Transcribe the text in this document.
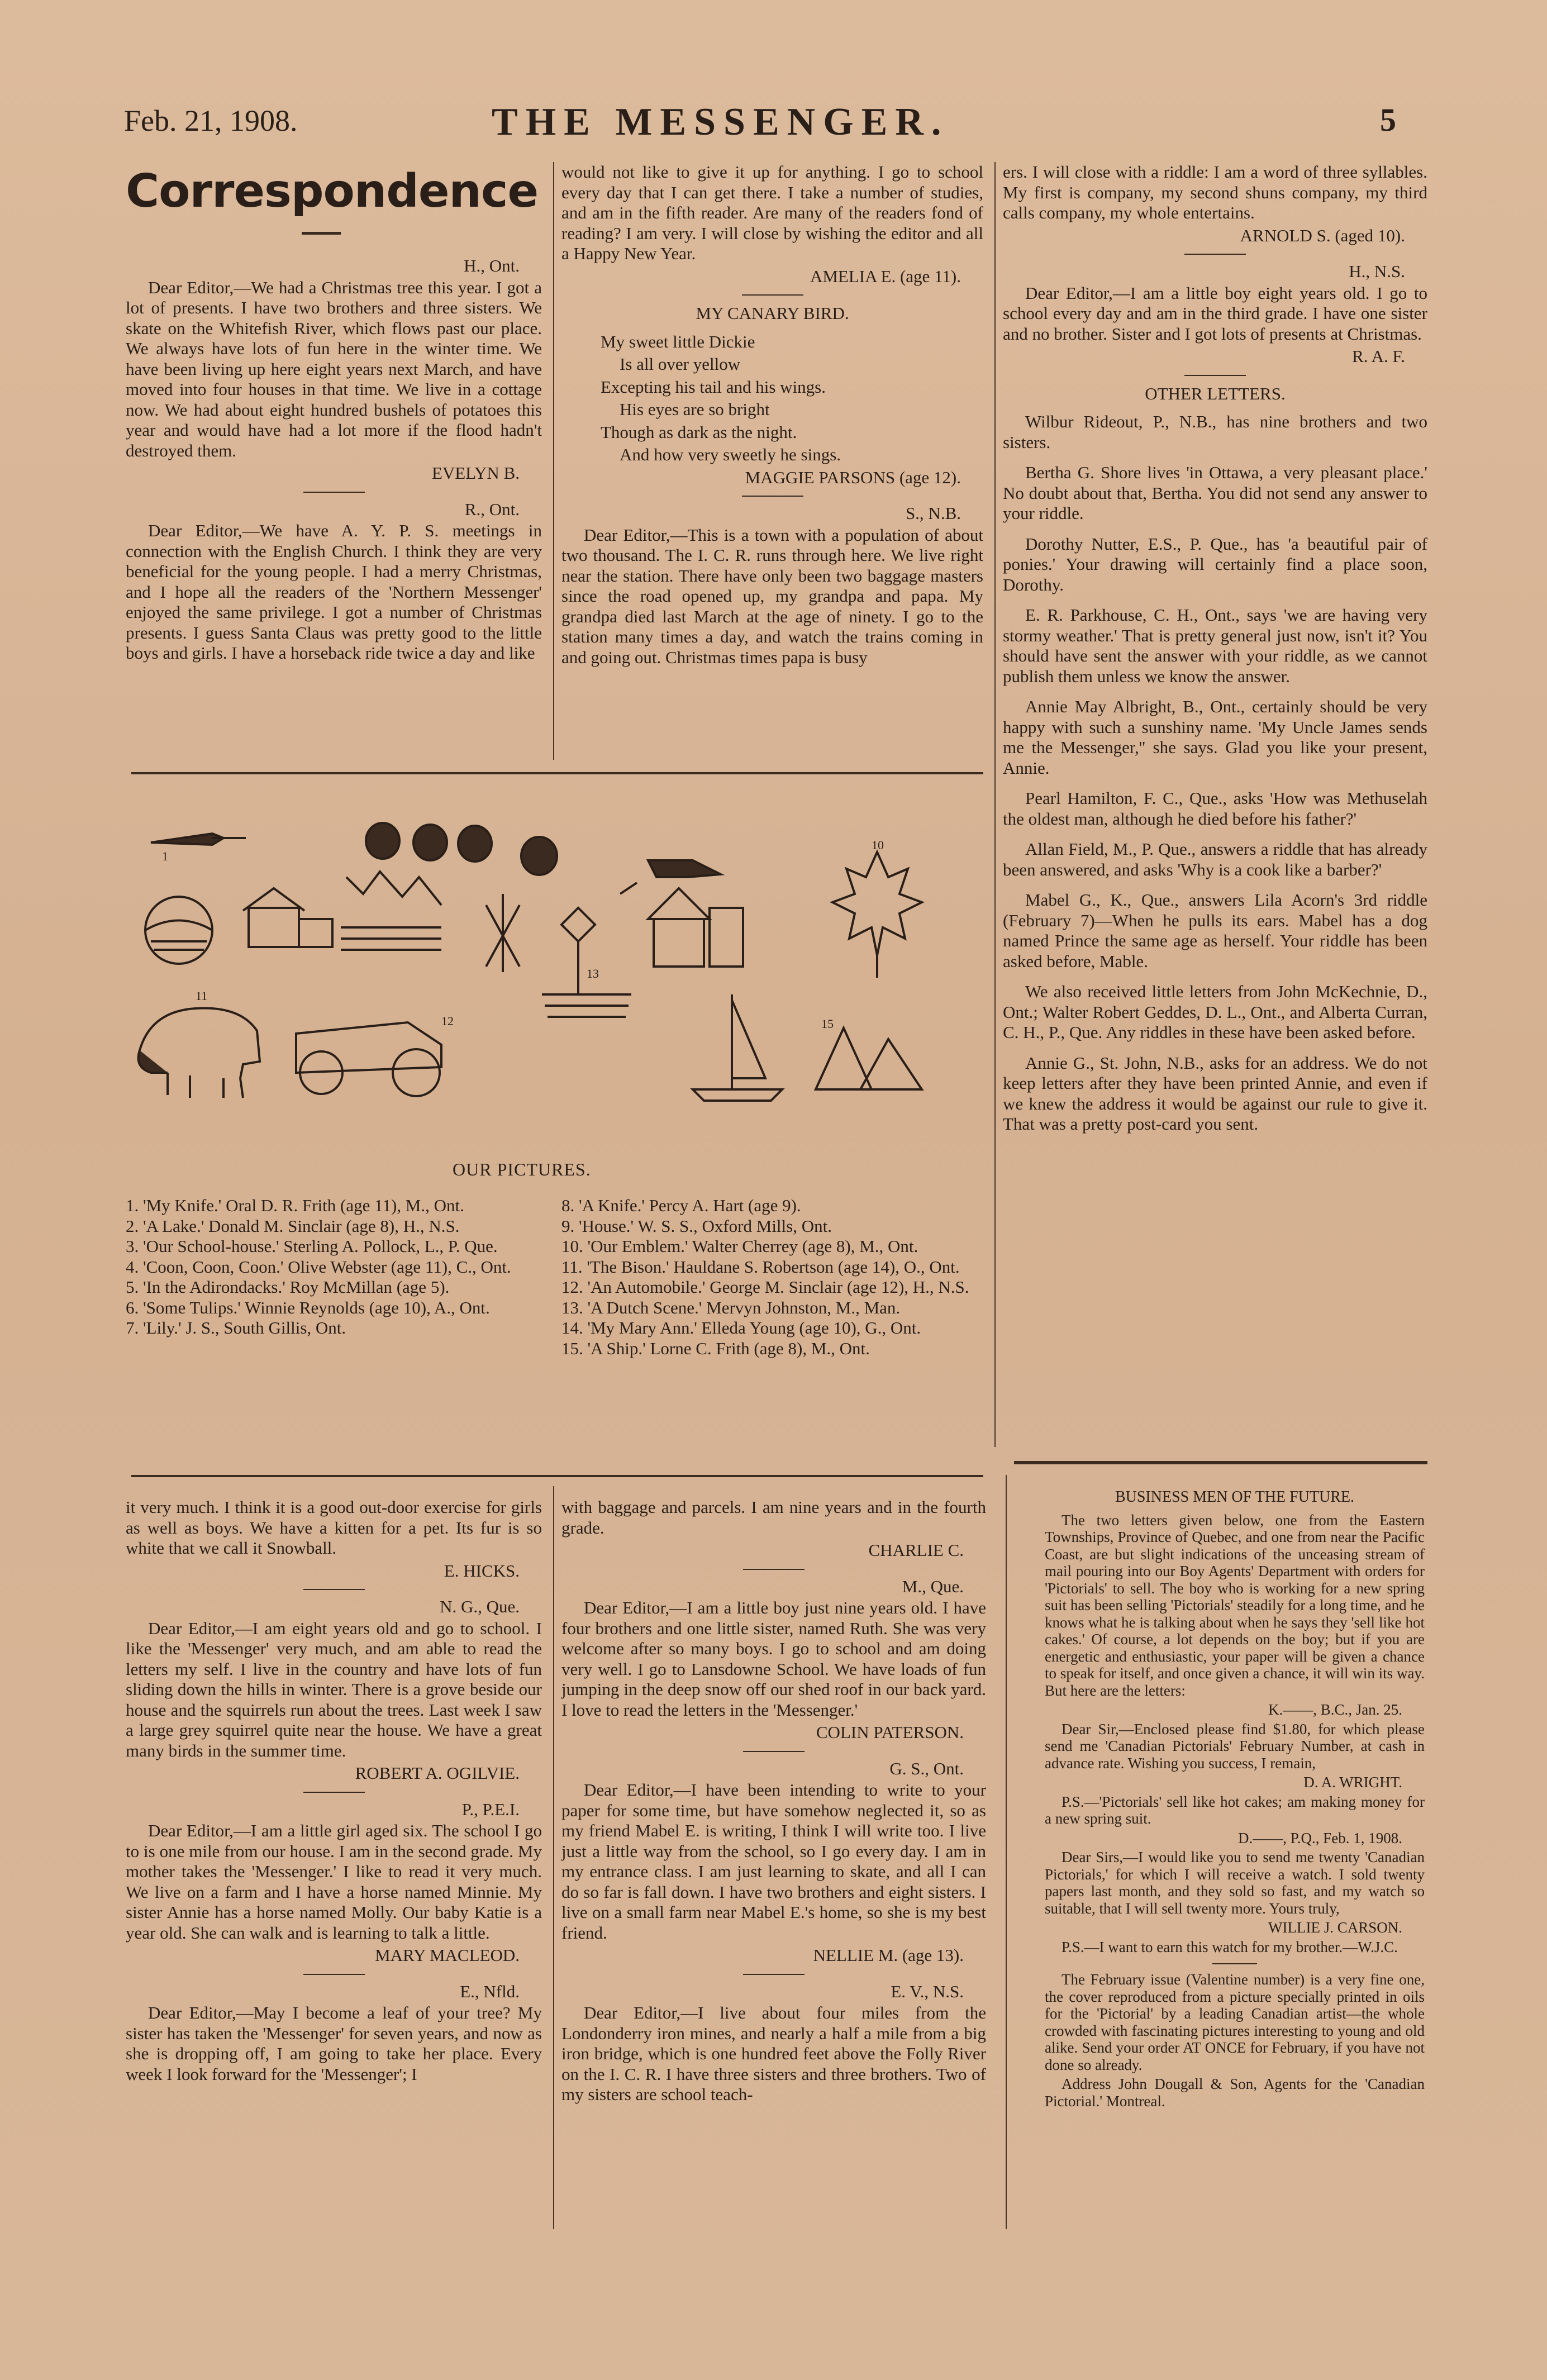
Feb. 21, 1908.	THE MESSENGER.	5
Correspondence

H., Ont.

Dear Editor,—We had a Christmas tree this year. I got a lot of presents. I have two brothers and three sisters. We skate on the Whitefish River, which flows past our place. We always have lots of fun here in the winter time. We have been living up here eight years next March, and have moved into four houses in that time. We live in a cottage now. We had about eight hundred bushels of potatoes this year and would have had a lot more if the flood hadn't destroyed them.

EVELYN B.

R., Ont.

Dear Editor,—We have A. Y. P. S. meetings in connection with the English Church. I think they are very beneficial for the young people. I had a merry Christmas, and I hope all the readers of the 'Northern Messenger' enjoyed the same privilege. I got a number of Christmas presents. I guess Santa Claus was pretty good to the little boys and girls. I have a horseback ride twice a day and like

would not like to give it up for anything. I go to school every day that I can get there. I take a number of studies, and am in the fifth reader. Are many of the readers fond of reading? I am very. I will close by wishing the editor and all a Happy New Year.

AMELIA E. (age 11).

MY CANARY BIRD.

My sweet little Dickie

Is all over yellow

Excepting his tail and his wings.

His eyes are so bright

Though as dark as the night.

And how very sweetly he sings.

MAGGIE PARSONS (age 12).

S., N.B.

Dear Editor,—This is a town with a population of about two thousand. The I. C. R. runs through here. We live right near the station. There have only been two baggage masters since the road opened up, my grandpa and papa. My grandpa died last March at the age of ninety. I go to the station many times a day, and watch the trains coming in and going out. Christmas times papa is busy

ers. I will close with a riddle: I am a word of three syllables. My first is company, my second shuns company, my third calls company, my whole entertains.

ARNOLD S. (aged 10).

H., N.S.

Dear Editor,—I am a little boy eight years old. I go to school every day and am in the third grade. I have one sister and no brother. Sister and I got lots of presents at Christmas.

R. A. F.

OTHER LETTERS.

Wilbur Rideout, P., N.B., has nine brothers and two sisters.

Bertha G. Shore lives 'in Ottawa, a very pleasant place.' No doubt about that, Bertha. You did not send any answer to your riddle.

Dorothy Nutter, E.S., P. Que., has 'a beautiful pair of ponies.' Your drawing will certainly find a place soon, Dorothy.

E. R. Parkhouse, C. H., Ont., says 'we are having very stormy weather.' That is pretty general just now, isn't it? You should have sent the answer with your riddle, as we cannot publish them unless we know the answer.

Annie May Albright, B., Ont., certainly should be very happy with such a sunshiny name. 'My Uncle James sends me the Messenger,'' she says. Glad you like your present, Annie.

Pearl Hamilton, F. C., Que., asks 'How was Methuselah the oldest man, although he died before his father?'

Allan Field, M., P. Que., answers a riddle that has already been answered, and asks 'Why is a cook like a barber?'

Mabel G., K., Que., answers Lila Acorn's 3rd riddle (February 7)—When he pulls its ears. Mabel has a dog named Prince the same age as herself. Your riddle has been asked before, Mable.

We also received little letters from John McKechnie, D., Ont.; Walter Robert Geddes, D. L., Ont., and Alberta Curran, C. H., P., Que. Any riddles in these have been asked before.

Annie G., St. John, N.B., asks for an address. We do not keep letters after they have been printed Annie, and even if we knew the address it would be against our rule to give it. That was a pretty post-card you sent.

1
10
11
12
13
15
OUR PICTURES.
1. 'My Knife.' Oral D. R. Frith (age 11), M., Ont.
2. 'A Lake.' Donald M. Sinclair (age 8), H., N.S.
3. 'Our School-house.' Sterling A. Pollock, L., P. Que.
4. 'Coon, Coon, Coon.' Olive Webster (age 11), C., Ont.
5. 'In the Adirondacks.' Roy McMillan (age 5).
6. 'Some Tulips.' Winnie Reynolds (age 10), A., Ont.
7. 'Lily.' J. S., South Gillis, Ont.
8. 'A Knife.' Percy A. Hart (age 9).
9. 'House.' W. S. S., Oxford Mills, Ont.
10. 'Our Emblem.' Walter Cherrey (age 8), M., Ont.
11. 'The Bison.' Hauldane S. Robertson (age 14), O., Ont.
12. 'An Automobile.' George M. Sinclair (age 12), H., N.S.
13. 'A Dutch Scene.' Mervyn Johnston, M., Man.
14. 'My Mary Ann.' Elleda Young (age 10), G., Ont.
15. 'A Ship.' Lorne C. Frith (age 8), M., Ont.

it very much. I think it is a good out-door exercise for girls as well as boys. We have a kitten for a pet. Its fur is so white that we call it Snowball.

E. HICKS.

N. G., Que.

Dear Editor,—I am eight years old and go to school. I like the 'Messenger' very much, and am able to read the letters my self. I live in the country and have lots of fun sliding down the hills in winter. There is a grove beside our house and the squirrels run about the trees. Last week I saw a large grey squirrel quite near the house. We have a great many birds in the summer time.

ROBERT A. OGILVIE.

P., P.E.I.

Dear Editor,—I am a little girl aged six. The school I go to is one mile from our house. I am in the second grade. My mother takes the 'Messenger.' I like to read it very much. We live on a farm and I have a horse named Minnie. My sister Annie has a horse named Molly. Our baby Katie is a year old. She can walk and is learning to talk a little.

MARY MACLEOD.

E., Nfld.

Dear Editor,—May I become a leaf of your tree? My sister has taken the 'Messenger' for seven years, and now as she is dropping off, I am going to take her place. Every week I look forward for the 'Messenger'; I

with baggage and parcels. I am nine years and in the fourth grade.

CHARLIE C.

M., Que.

Dear Editor,—I am a little boy just nine years old. I have four brothers and one little sister, named Ruth. She was very welcome after so many boys. I go to school and am doing very well. I go to Lansdowne School. We have loads of fun jumping in the deep snow off our shed roof in our back yard. I love to read the letters in the 'Messenger.'

COLIN PATERSON.

G. S., Ont.

Dear Editor,—I have been intending to write to your paper for some time, but have somehow neglected it, so as my friend Mabel E. is writing, I think I will write too. I live just a little way from the school, so I go every day. I am in my entrance class. I am just learning to skate, and all I can do so far is fall down. I have two brothers and eight sisters. I live on a small farm near Mabel E.'s home, so she is my best friend.

NELLIE M. (age 13).

E. V., N.S.

Dear Editor,—I live about four miles from the Londonderry iron mines, and nearly a half a mile from a big iron bridge, which is one hundred feet above the Folly River on the I. C. R. I have three sisters and three brothers. Two of my sisters are school teach-

BUSINESS MEN OF THE FUTURE.

The two letters given below, one from the Eastern Townships, Province of Quebec, and one from near the Pacific Coast, are but slight indications of the unceasing stream of mail pouring into our Boy Agents' Department with orders for 'Pictorials' to sell. The boy who is working for a new spring suit has been selling 'Pictorials' steadily for a long time, and he knows what he is talking about when he says they 'sell like hot cakes.' Of course, a lot depends on the boy; but if you are energetic and enthusiastic, your paper will be given a chance to speak for itself, and once given a chance, it will win its way. But here are the letters:

K.——, B.C., Jan. 25.

Dear Sir,—Enclosed please find $1.80, for which please send me 'Canadian Pictorials' February Number, at cash in advance rate. Wishing you success, I remain,

D. A. WRIGHT.

P.S.—'Pictorials' sell like hot cakes; am making money for a new spring suit.

D.——, P.Q., Feb. 1, 1908.

Dear Sirs,—I would like you to send me twenty 'Canadian Pictorials,' for which I will receive a watch. I sold twenty papers last month, and they sold so fast, and my watch so suitable, that I will sell twenty more. Yours truly,

WILLIE J. CARSON.

P.S.—I want to earn this watch for my brother.—W.J.C.

The February issue (Valentine number) is a very fine one, the cover reproduced from a picture specially printed in oils for the 'Pictorial' by a leading Canadian artist—the whole crowded with fascinating pictures interesting to young and old alike. Send your order AT ONCE for February, if you have not done so already.

Address John Dougall & Son, Agents for the 'Canadian Pictorial.' Montreal.
